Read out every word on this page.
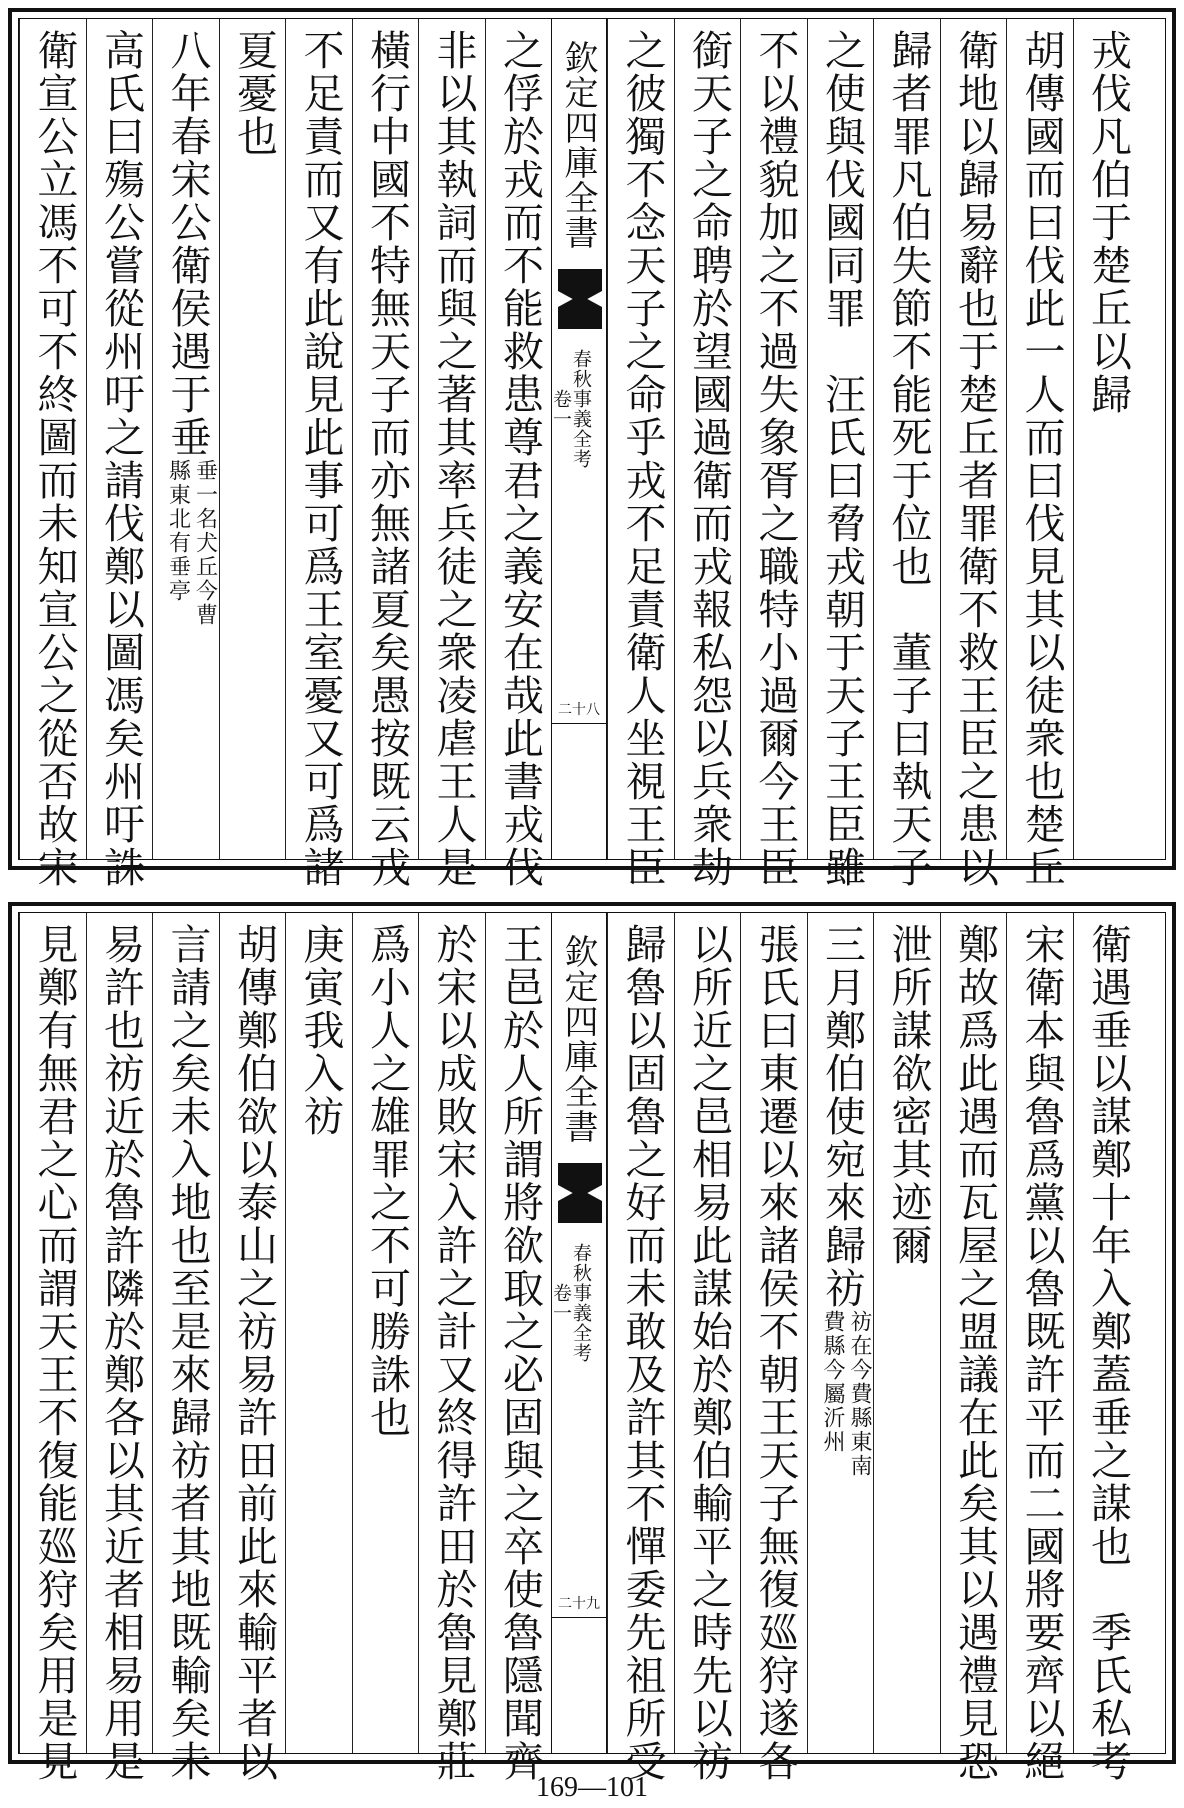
之俘於戎而不能救患尊君之義安在哉此書戎伐
非以其執詞而與之著其率兵徒之衆凌虐王人是
橫行中國不特無天子而亦無諸夏矣愚按既云戎
不足責而又有此說見此事可爲王室憂又可爲諸
夏憂也
八年春宋公衛侯遇于垂
垂一名犬丘今曹
縣東北有垂亭
高氏曰殤公嘗從州吁之請伐鄭以圖馮矣州吁誅
衛宣公立馮不可不終圖而未知宣公之從否故宋	欽定四庫全書
春秋事義全考
卷一
二十八
戎伐凡伯于楚丘以歸
胡傳國而曰伐此一人而曰伐見其以徒衆也楚丘
衛地以歸易辭也于楚丘者罪衛不救王臣之患以
歸者罪凡伯失節不能死于位也　董子曰執天子
之使與伐國同罪　汪氏曰脅戎朝于天子王臣雖
不以禮貌加之不過失象胥之職特小過爾今王臣
銜天子之命聘於望國過衛而戎報私怨以兵衆劫
之彼獨不念天子之命乎戎不足責衛人坐視王臣
王邑於人所謂將欲取之必固與之卒使魯隱聞齊
於宋以成敗宋入許之計又終得許田於魯見鄭莊
爲小人之雄罪之不可勝誅也
庚寅我入祊
胡傳鄭伯欲以泰山之祊易許田前此來輸平者以
言請之矣未入地也至是來歸祊者其地既輸矣未
易許也祊近於魯許隣於鄭各以其近者相易用是
見鄭有無君之心而謂天王不復能廵狩矣用是見	欽定四庫全書
春秋事義全考
卷一
二十九	衛遇垂以謀鄭十年入鄭蓋垂之謀也　季氏私考
宋衛本與魯爲黨以魯既許平而二國將要齊以絕
鄭故爲此遇而瓦屋之盟議在此矣其以遇禮見恐
泄所謀欲密其迹爾
三月鄭伯使宛來歸祊
祊在今費縣東南
費縣今屬沂州
張氏曰東遷以來諸侯不朝王天子無復廵狩遂各
以所近之邑相易此謀始於鄭伯輸平之時先以祊
歸魯以固魯之好而未敢及許其不憚委先祖所受
169—101
